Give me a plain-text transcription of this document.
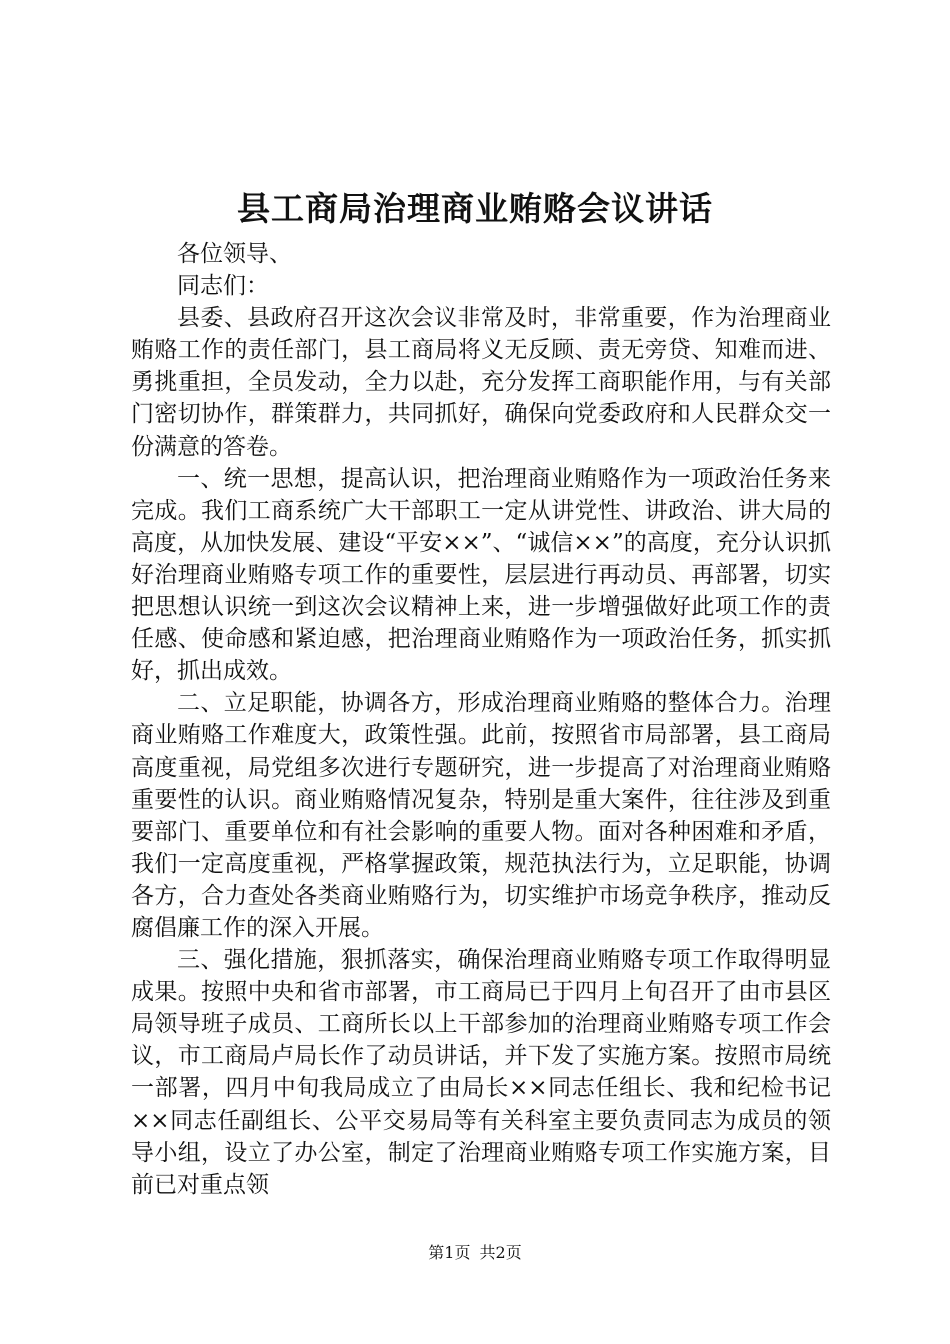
县工商局治理商业贿赂会议讲话

各位领导、

同志们：

县委、县政府召开这次会议非常及时，非常重要，作为治理商业贿赂工作的责任部门，县工商局将义无反顾、责无旁贷、知难而进、勇挑重担，全员发动，全力以赴，充分发挥工商职能作用，与有关部门密切协作，群策群力，共同抓好，确保向党委政府和人民群众交一份满意的答卷。

一、统一思想，提高认识，把治理商业贿赂作为一项政治任务来完成。我们工商系统广大干部职工一定从讲党性、讲政治、讲大局的高度，从加快发展、建设“平安××”、“诚信××”的高度，充分认识抓好治理商业贿赂专项工作的重要性，层层进行再动员、再部署，切实把思想认识统一到这次会议精神上来，进一步增强做好此项工作的责任感、使命感和紧迫感，把治理商业贿赂作为一项政治任务，抓实抓好，抓出成效。

二、立足职能，协调各方，形成治理商业贿赂的整体合力。治理商业贿赂工作难度大，政策性强。此前，按照省市局部署，县工商局高度重视，局党组多次进行专题研究，进一步提高了对治理商业贿赂重要性的认识。商业贿赂情况复杂，特别是重大案件，往往涉及到重要部门、重要单位和有社会影响的重要人物。面对各种困难和矛盾，我们一定高度重视，严格掌握政策，规范执法行为，立足职能，协调各方，合力查处各类商业贿赂行为，切实维护市场竞争秩序，推动反腐倡廉工作的深入开展。

三、强化措施，狠抓落实，确保治理商业贿赂专项工作取得明显成果。按照中央和省市部署，市工商局已于四月上旬召开了由市县区局领导班子成员、工商所长以上干部参加的治理商业贿赂专项工作会议，市工商局卢局长作了动员讲话，并下发了实施方案。按照市局统一部署，四月中旬我局成立了由局长××同志任组长、我和纪检书记××同志任副组长、公平交易局等有关科室主要负责同志为成员的领导小组，设立了办公室，制定了治理商业贿赂专项工作实施方案，目前已对重点领

第1页 共2页
